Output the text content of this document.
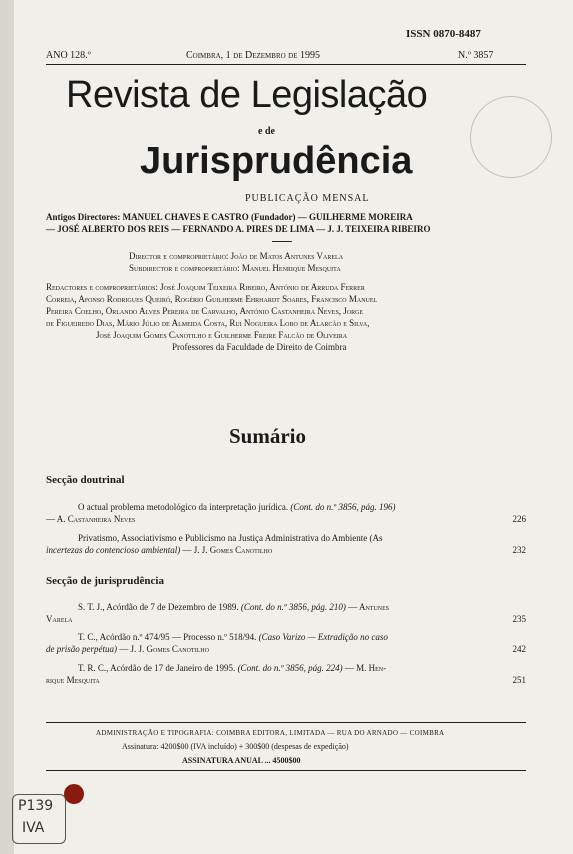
ISSN 0870-8487
ANO 128.º	Coimbra, 1 de Dezembro de 1995	N.º 3857
Revista de Legislação
e de
Jurisprudência
PUBLICAÇÃO MENSAL
Antigos Directores: MANUEL CHAVES E CASTRO (Fundador) — GUILHERME MOREIRA
— JOSÉ ALBERTO DOS REIS — FERNANDO A. PIRES DE LIMA — J. J. TEIXEIRA RIBEIRO
Director e comproprietário: João de Matos Antunes Varela
Subdirector e comproprietário: Manuel Henrique Mesquita
Redactores e comproprietários: José Joaquim Teixeira Ribeiro, António de Arruda Ferrer
Correia, Afonso Rodrigues Queiró, Rogério Guilherme Ehrhardt Soares, Francisco Manuel
Pereira Coelho, Orlando Alves Pereira de Carvalho, António Castanheira Neves, Jorge
de Figueiredo Dias, Mário Júlio de Almeida Costa, Rui Nogueira Lobo de Alarcão e Silva,
José Joaquim Gomes Canotilho e Guilherme Freire Falcão de Oliveira
Professores da Faculdade de Direito de Coimbra
Sumário
Secção doutrinal
O actual problema metodológico da interpretação jurídica. (Cont. do n.º 3856, pág. 196)
— A. Castanheira Neves	226
Privatismo, Associativismo e Publicismo na Justiça Administrativa do Ambiente (As
incertezas do contencioso ambiental) — J. J. Gomes Canotilho	232
Secção de jurisprudência
S. T. J., Acórdão de 7 de Dezembro de 1989. (Cont. do n.º 3856, pág. 210) — Antunes
Varela	235
T. C., Acórdão n.º 474/95 — Processo n.º 518/94. (Caso Varizo — Extradição no caso
de prisão perpétua) — J. J. Gomes Canotilho	242
T. R. C., Acórdão de 17 de Janeiro de 1995. (Cont. do n.º 3856, pág. 224) — M. Hen-
rique Mesquita	251
ADMINISTRAÇÃO E TIPOGRAFIA: COIMBRA EDITORA, LIMITADA — RUA DO ARNADO — COIMBRA
Assinatura: 4200$00 (IVA incluído) + 300$00 (despesas de expedição)
ASSINATURA ANUAL ... 4500$00
P139
IVA
